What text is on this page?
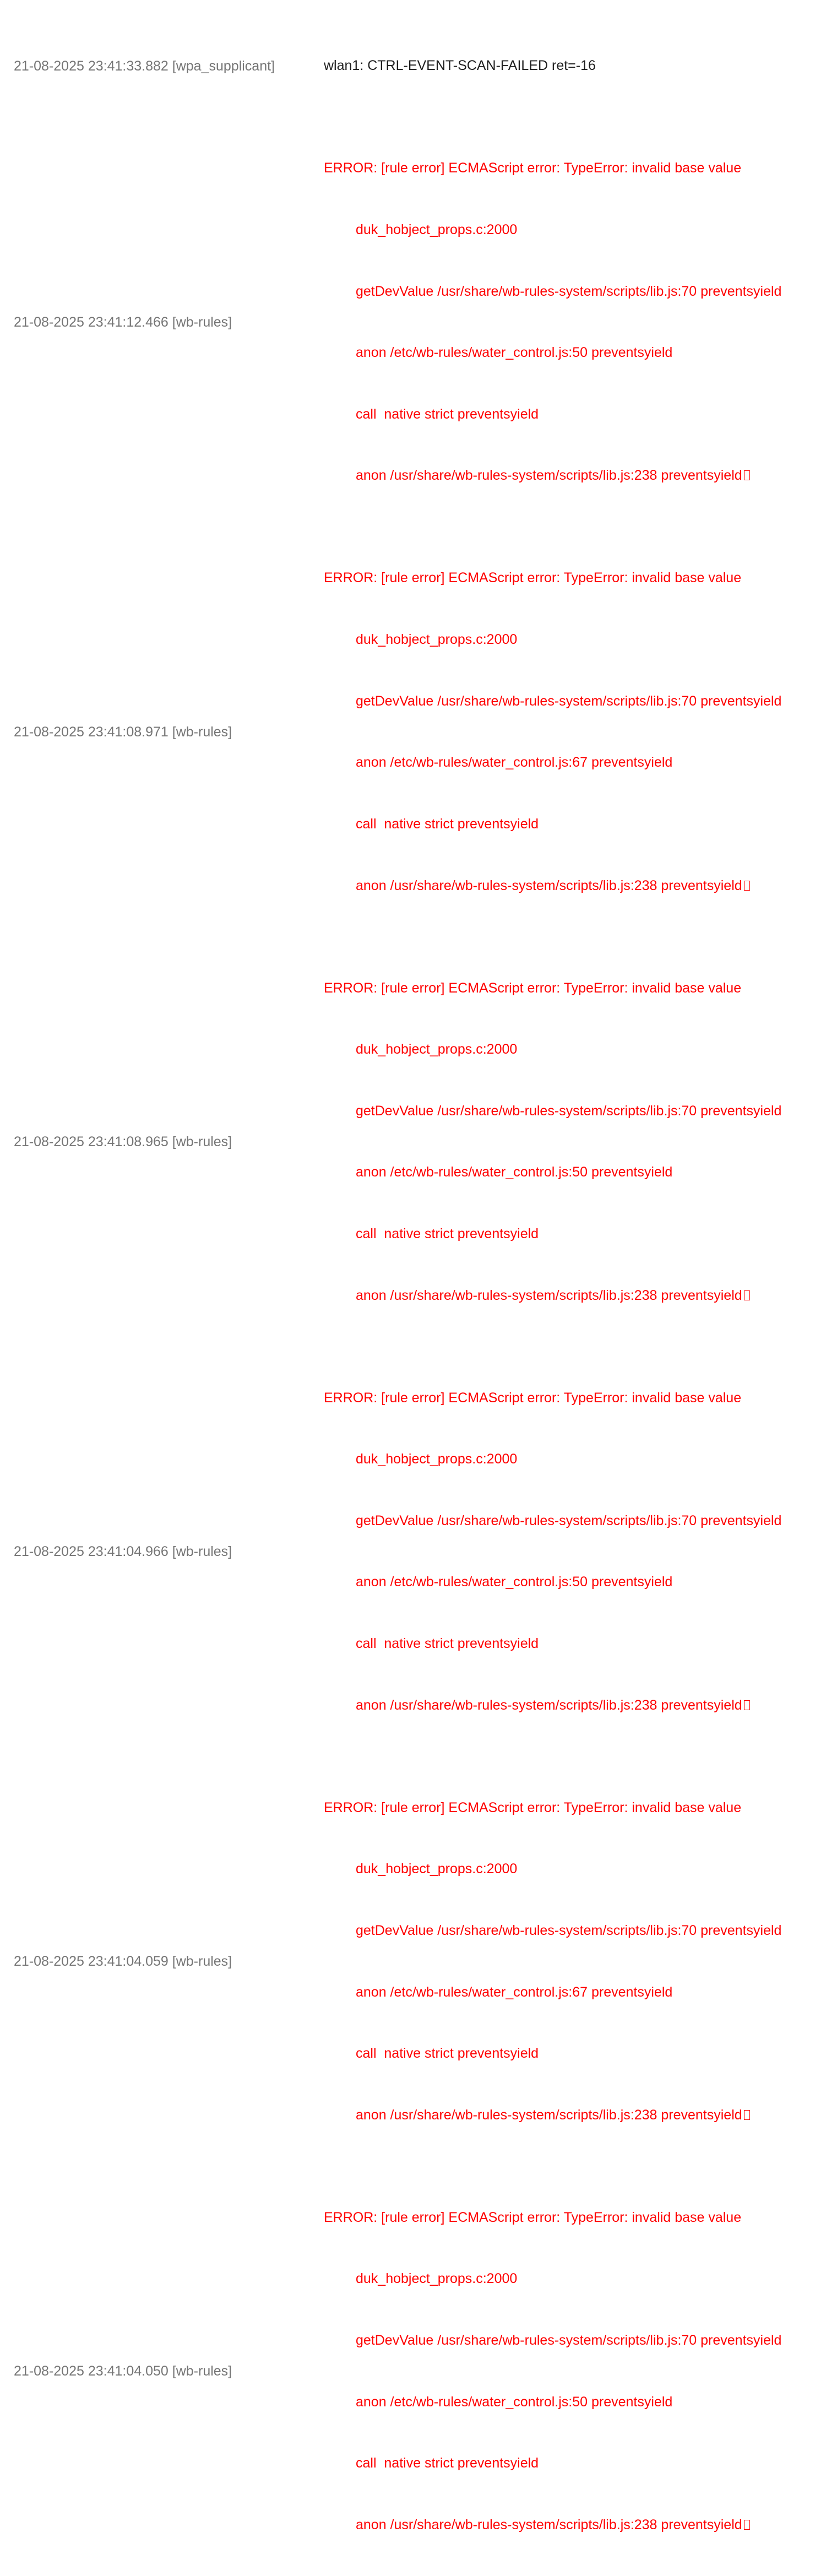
21-08-2025 23:41:33.882 [wpa_supplicant]

	wlan1: CTRL-EVENT-SCAN-FAILED ret=-16

21-08-2025 23:41:12.466 [wb-rules]

ERROR: [rule error] ECMAScript error: TypeError: invalid base value

duk_hobject_props.c:2000

getDevValue /usr/share/wb-rules-system/scripts/lib.js:70 preventsyield

anon /etc/wb-rules/water_control.js:50 preventsyield

call  native strict preventsyield

anon /usr/share/wb-rules-system/scripts/lib.js:238 preventsyield

21-08-2025 23:41:08.971 [wb-rules]

ERROR: [rule error] ECMAScript error: TypeError: invalid base value

duk_hobject_props.c:2000

getDevValue /usr/share/wb-rules-system/scripts/lib.js:70 preventsyield

anon /etc/wb-rules/water_control.js:67 preventsyield

call  native strict preventsyield

anon /usr/share/wb-rules-system/scripts/lib.js:238 preventsyield

21-08-2025 23:41:08.965 [wb-rules]

ERROR: [rule error] ECMAScript error: TypeError: invalid base value

duk_hobject_props.c:2000

getDevValue /usr/share/wb-rules-system/scripts/lib.js:70 preventsyield

anon /etc/wb-rules/water_control.js:50 preventsyield

call  native strict preventsyield

anon /usr/share/wb-rules-system/scripts/lib.js:238 preventsyield

21-08-2025 23:41:04.966 [wb-rules]

ERROR: [rule error] ECMAScript error: TypeError: invalid base value

duk_hobject_props.c:2000

getDevValue /usr/share/wb-rules-system/scripts/lib.js:70 preventsyield

anon /etc/wb-rules/water_control.js:50 preventsyield

call  native strict preventsyield

anon /usr/share/wb-rules-system/scripts/lib.js:238 preventsyield

21-08-2025 23:41:04.059 [wb-rules]

ERROR: [rule error] ECMAScript error: TypeError: invalid base value

duk_hobject_props.c:2000

getDevValue /usr/share/wb-rules-system/scripts/lib.js:70 preventsyield

anon /etc/wb-rules/water_control.js:67 preventsyield

call  native strict preventsyield

anon /usr/share/wb-rules-system/scripts/lib.js:238 preventsyield

21-08-2025 23:41:04.050 [wb-rules]

ERROR: [rule error] ECMAScript error: TypeError: invalid base value

duk_hobject_props.c:2000

getDevValue /usr/share/wb-rules-system/scripts/lib.js:70 preventsyield

anon /etc/wb-rules/water_control.js:50 preventsyield

call  native strict preventsyield

anon /usr/share/wb-rules-system/scripts/lib.js:238 preventsyield
